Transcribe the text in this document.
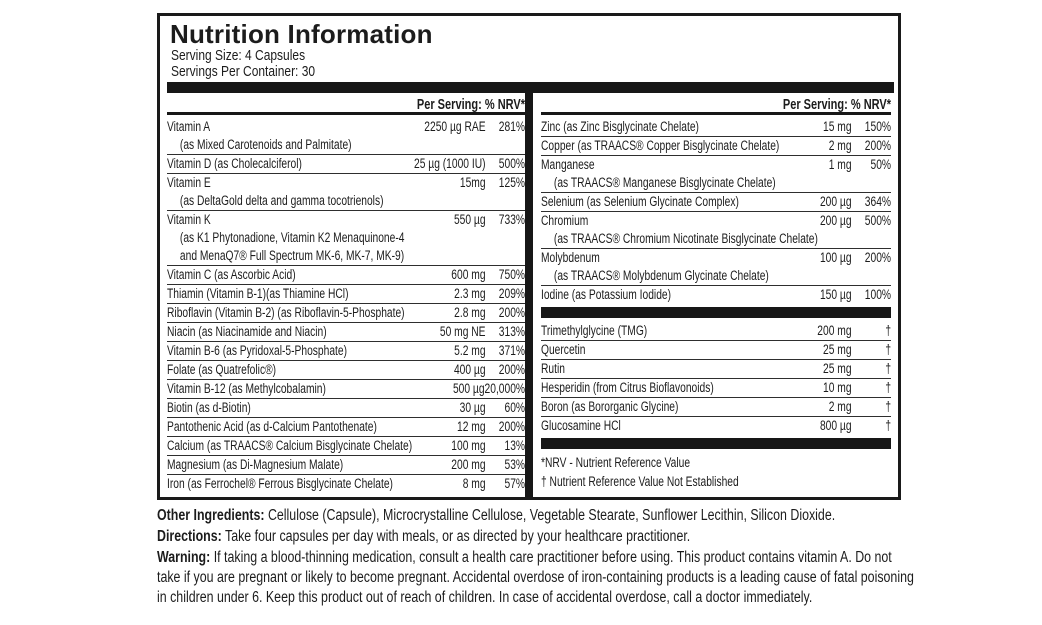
Nutrition Information
Serving Size: 4 Capsules
Servings Per Container: 30
Per Serving: % NRV*	Per Serving: % NRV*
Vitamin A	2250 µg RAE 281%
(as Mixed Carotenoids and Palmitate)
Vitamin D (as Cholecalciferol)	25 µg (1000 IU) 500%
Vitamin E	15mg 125%
(as DeltaGold delta and gamma tocotrienols)
Vitamin K	550 µg 733%
(as K1 Phytonadione, Vitamin K2 Menaquinone-4
and MenaQ7® Full Spectrum MK-6, MK-7, MK-9)
Vitamin C (as Ascorbic Acid)	600 mg 750%
Thiamin (Vitamin B-1)(as Thiamine HCl)	2.3 mg 209%
Riboflavin (Vitamin B-2) (as Riboflavin-5-Phosphate)	2.8 mg 200%
Niacin (as Niacinamide and Niacin)	50 mg NE 313%
Vitamin B-6 (as Pyridoxal-5-Phosphate)	5.2 mg 371%
Folate (as Quatrefolic®)	400 µg 200%
Vitamin B-12 (as Methylcobalamin)	500 µg 20,000%
Biotin (as d-Biotin)	30 µg	60%
Pantothenic Acid (as d-Calcium Pantothenate)	12 mg 200%
Calcium (as TRAACS® Calcium Bisglycinate Chelate)	100 mg	13%
Magnesium (as Di-Magnesium Malate)	200 mg	53%
Iron (as Ferrochel® Ferrous Bisglycinate Chelate)	8 mg	57%
Zinc (as Zinc Bisglycinate Chelate)	15 mg 150%
Copper (as TRAACS® Copper Bisglycinate Chelate)	2 mg 200%
Manganese	1 mg	50%
(as TRAACS® Manganese Bisglycinate Chelate)
Selenium (as Selenium Glycinate Complex)	200 µg 364%
Chromium	200 µg 500%
(as TRAACS® Chromium Nicotinate Bisglycinate Chelate)
Molybdenum	100 µg 200%
(as TRAACS® Molybdenum Glycinate Chelate)
Iodine (as Potassium Iodide)	150 µg 100%
Trimethylglycine (TMG)	200 mg	†
Quercetin	25 mg	†
Rutin	25 mg	†
Hesperidin (from Citrus Bioflavonoids)	10 mg	†
Boron (as Bororganic Glycine)	2 mg	†
Glucosamine HCl	800 µg	†
*NRV - Nutrient Reference Value
† Nutrient Reference Value Not Established

Other Ingredients: Cellulose (Capsule), Microcrystalline Cellulose, Vegetable Stearate, Sunflower Lecithin, Silicon Dioxide.

Directions: Take four capsules per day with meals, or as directed by your healthcare practitioner.

Warning: If taking a blood-thinning medication, consult a health care practitioner before using. This product contains vitamin A. Do not take if you are pregnant or likely to become pregnant. Accidental overdose of iron-containing products is a leading cause of fatal poisoning in children under 6. Keep this product out of reach of children. In case of accidental overdose, call a doctor immediately.
